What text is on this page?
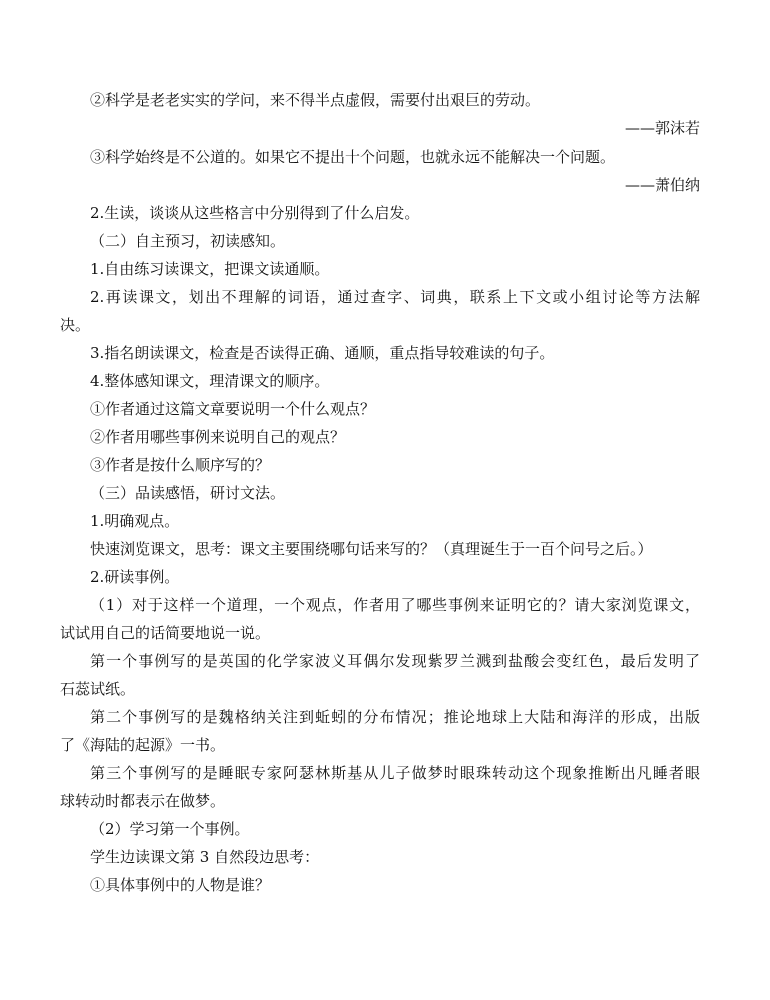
②科学是老老实实的学问，来不得半点虚假，需要付出艰巨的劳动。
——郭沫若
③科学始终是不公道的。如果它不提出十个问题，也就永远不能解决一个问题。
——萧伯纳
2.生读，谈谈从这些格言中分别得到了什么启发。
（二）自主预习，初读感知。
1.自由练习读课文，把课文读通顺。
2.再读课文，划出不理解的词语，通过查字、词典，联系上下文或小组讨论等方法解
决。
3.指名朗读课文，检查是否读得正确、通顺，重点指导较难读的句子。
4.整体感知课文，理清课文的顺序。
①作者通过这篇文章要说明一个什么观点？
②作者用哪些事例来说明自己的观点？
③作者是按什么顺序写的？
（三）品读感悟，研讨文法。
1.明确观点。
快速浏览课文，思考：课文主要围绕哪句话来写的？（真理诞生于一百个问号之后。）
2.研读事例。
（1）对于这样一个道理，一个观点，作者用了哪些事例来证明它的？请大家浏览课文，
试试用自己的话简要地说一说。
第一个事例写的是英国的化学家波义耳偶尔发现紫罗兰溅到盐酸会变红色，最后发明了
石蕊试纸。
第二个事例写的是魏格纳关注到蚯蚓的分布情况；推论地球上大陆和海洋的形成，出版
了《海陆的起源》一书。
第三个事例写的是睡眠专家阿瑟林斯基从儿子做梦时眼珠转动这个现象推断出凡睡者眼
球转动时都表示在做梦。
（2）学习第一个事例。
学生边读课文第 3 自然段边思考：
①具体事例中的人物是谁？
